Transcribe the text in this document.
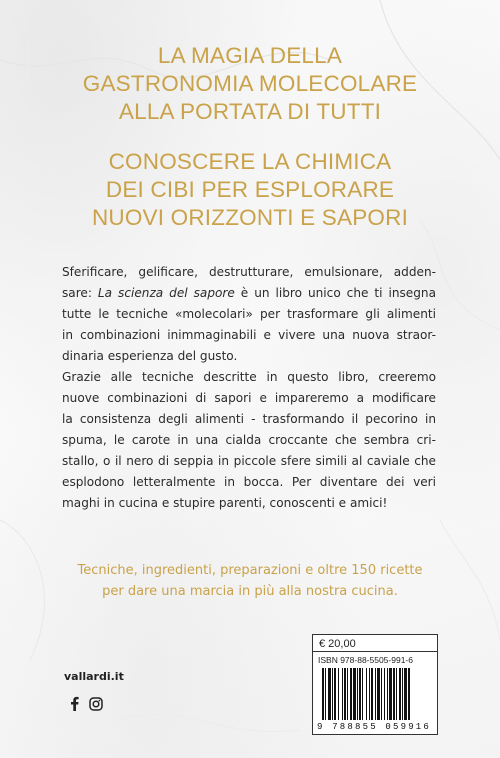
LA MAGIA DELLA
GASTRONOMIA MOLECOLARE
ALLA PORTATA DI TUTTI
CONOSCERE LA CHIMICA
DEI CIBI PER ESPLORARE
NUOVI ORIZZONTI E SAPORI

Sferificare, gelificare, destrutturare, emulsionare, adden-
sare: La scienza del sapore è un libro unico che ti insegna
tutte le tecniche «molecolari» per trasformare gli alimenti
in combinazioni inimmaginabili e vivere una nuova straor-
dinaria esperienza del gusto.

Grazie alle tecniche descritte in questo libro, creeremo
nuove combinazioni di sapori e impareremo a modificare
la consistenza degli alimenti - trasformando il pecorino in
spuma, le carote in una cialda croccante che sembra cri-
stallo, o il nero di seppia in piccole sfere simili al caviale che
esplodono letteralmente in bocca. Per diventare dei veri
maghi in cucina e stupire parenti, conoscenti e amici!

Tecniche, ingredienti, preparazioni e oltre 150 ricette
per dare una marcia in più alla nostra cucina.
vallardi.it
€ 20,00
ISBN 978-88-5505-991-6
9 788855 059916
